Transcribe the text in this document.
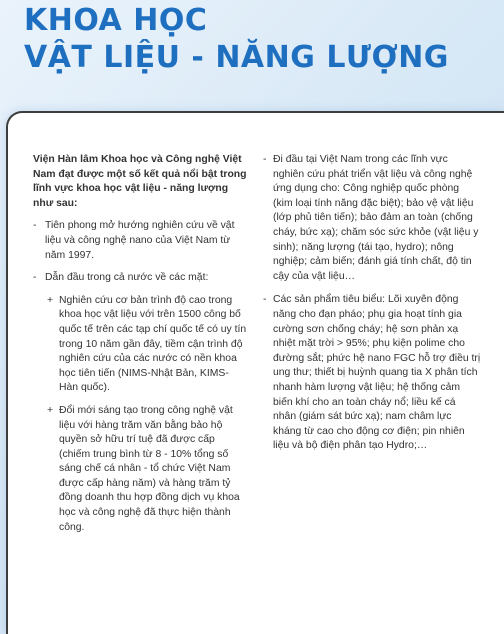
KHOA HỌC
VẬT LIỆU - NĂNG LƯỢNG

Viện Hàn lâm Khoa học và Công nghệ Việt Nam đạt được một số kết quả nổi bật trong lĩnh vực khoa học vật liệu - năng lượng như sau:

- Tiên phong mở hướng nghiên cứu về vật liệu và công nghệ nano của Việt Nam từ năm 1997.
- Dẫn đầu trong cả nước về các mặt:
+ Nghiên cứu cơ bản trình độ cao trong khoa học vật liệu với trên 1500 công bố quốc tế trên các tạp chí quốc tế có uy tín trong 10 năm gần đây, tiềm cận trình độ nghiên cứu của các nước có nền khoa học tiên tiến (NIMS-Nhật Bản, KIMS- Hàn quốc).
+ Đổi mới sáng tạo trong công nghệ vật liệu với hàng trăm văn bằng bảo hộ quyền sở hữu trí tuệ đã được cấp (chiếm trung bình từ 8 - 10% tổng số sáng chế cá nhân - tổ chức Việt Nam được cấp hàng năm) và hàng trăm tỷ đồng doanh thu hợp đồng dịch vụ khoa học và công nghệ đã thực hiện thành công.
- Đi đầu tại Việt Nam trong các lĩnh vực nghiên cứu phát triển vật liệu và công nghệ ứng dụng cho: Công nghiệp quốc phòng (kim loại tính năng đặc biệt); bảo vệ vật liệu (lớp phủ tiên tiến); bảo đảm an toàn (chống cháy, bức xạ); chăm sóc sức khỏe (vật liệu y sinh); năng lượng (tái tạo, hydro); nông nghiệp; cảm biến; đánh giá tính chất, độ tin cậy của vật liệu…
- Các sản phẩm tiêu biểu: Lõi xuyên động năng cho đạn pháo; phụ gia hoạt tính gia cường sơn chống cháy; hệ sơn phản xạ nhiệt mặt trời > 95%; phụ kiện polime cho đường sắt; phức hệ nano FGC hỗ trợ điều trị ung thư; thiết bị huỳnh quang tia X phân tích nhanh hàm lượng vật liệu; hệ thống cảm biến khí cho an toàn cháy nổ; liều kế cá nhân (giám sát bức xạ); nam châm lực kháng từ cao cho động cơ điện; pin nhiên liệu và bộ điện phân tạo Hydro;…
